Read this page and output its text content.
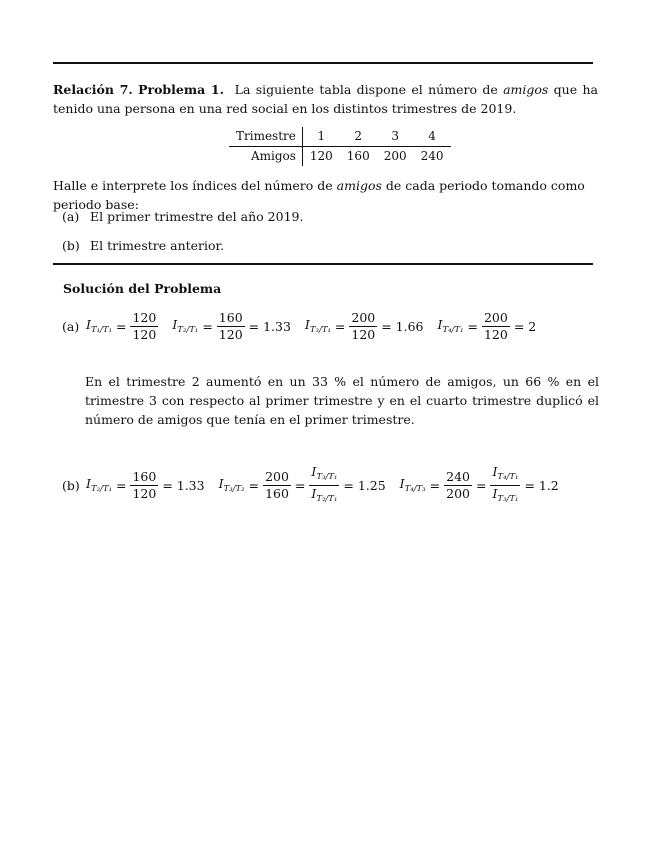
Relación 7. Problema 1. La siguiente tabla dispone el número de amigos que ha tenido una persona en una red social en los distintos trimestres de 2019.
Trimestre	1	2	3	4
Amigos	120	160	200	240
Halle e interprete los índices del número de amigos de cada periodo tomando como periodo base:
(a) El primer trimestre del año 2019.
(b) El trimestre anterior.
Solución del Problema
(a) $I_{T_1/T_1} = \frac{120}{120} I_{T_2/T_1} = \frac{160}{120}$
= 1.33 $I_{T_3/T_1} = \frac{200}{120}$
= 1.66 $I_{T_4/T_1} = \frac{200}{120}$
= 2
En el trimestre 2 aumentó en un 33 % el número de amigos, un 66 % en el trimestre 3 con respecto al primer trimestre y en el cuarto trimestre duplicó el número de amigos que tenía en el primer trimestre.
(b) $I_{T_2/T_1} = \frac{160}{120}$
= 1.33 $I_{T_3/T_2} = \frac{200}{160} = \frac{I_{T_3/T_1}}{I_{T_2/T_1}}$
= 1.25 $I_{T_4/T_3} = \frac{240}{200} = \frac{I_{T_4/T_1}}{I_{T_3/T_1}}$
= 1.2
